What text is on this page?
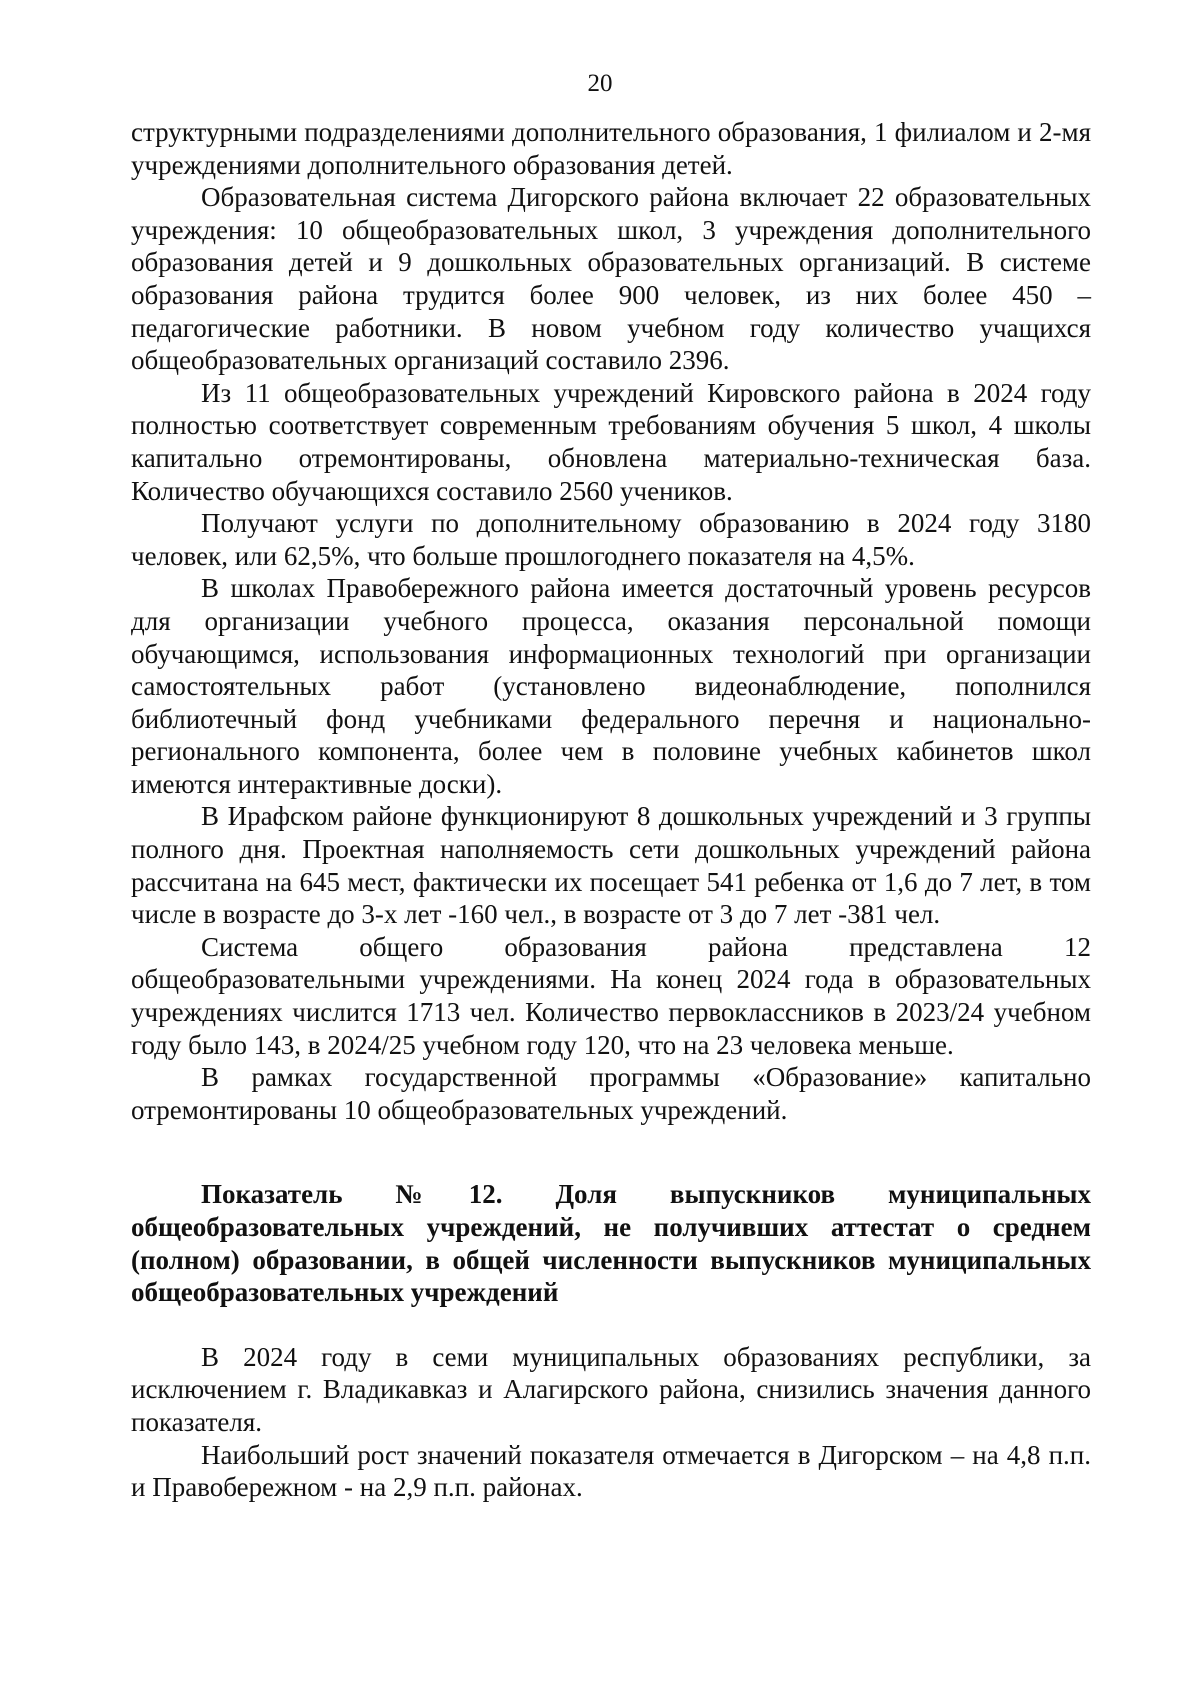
20

структурными подразделениями дополнительного образования, 1 филиалом и 2-мя учреждениями дополнительного образования детей.

Образовательная система Дигорского района включает 22 образовательных учреждения: 10 общеобразовательных школ, 3 учреждения дополнительного образования детей и 9 дошкольных образовательных организаций. В системе образования района трудится более 900 человек, из них более 450 – педагогические работники. В новом учебном году количество учащихся общеобразовательных организаций составило 2396.

Из 11 общеобразовательных учреждений Кировского района в 2024 году полностью соответствует современным требованиям обучения 5 школ, 4 школы капитально отремонтированы, обновлена материально-техническая база. Количество обучающихся составило 2560 учеников.

Получают услуги по дополнительному образованию в 2024 году 3180 человек, или 62,5%, что больше прошлогоднего показателя на 4,5%.

В школах Правобережного района имеется достаточный уровень ресурсов для организации учебного процесса, оказания персональной помощи обучающимся, использования информационных технологий при организации самостоятельных работ (установлено видеонаблюдение, пополнился библиотечный фонд учебниками федерального перечня и национально-регионального компонента, более чем в половине учебных кабинетов школ имеются интерактивные доски).

В Ирафском районе функционируют 8 дошкольных учреждений и 3 группы полного дня. Проектная наполняемость сети дошкольных учреждений района рассчитана на 645 мест, фактически их посещает 541 ребенка от 1,6 до 7 лет, в том числе в возрасте до 3-х лет -160 чел., в возрасте от 3 до 7 лет -381 чел.

Система общего образования района представлена 12 общеобразовательными учреждениями. На конец 2024 года в образовательных учреждениях числится 1713 чел. Количество первоклассников в 2023/24 учебном году было 143, в 2024/25 учебном году 120, что на 23 человека меньше.

В рамках государственной программы «Образование» капитально отремонтированы 10 общеобразовательных учреждений.

Показатель №12. Доля выпускников муниципальных общеобразовательных учреждений, не получивших аттестат о среднем (полном) образовании, в общей численности выпускников муниципальных общеобразовательных учреждений

В 2024 году в семи муниципальных образованиях республики, за исключением г. Владикавказ и Алагирского района, снизились значения данного показателя.

Наибольший рост значений показателя отмечается в Дигорском – на 4,8 п.п. и Правобережном - на 2,9 п.п. районах.
